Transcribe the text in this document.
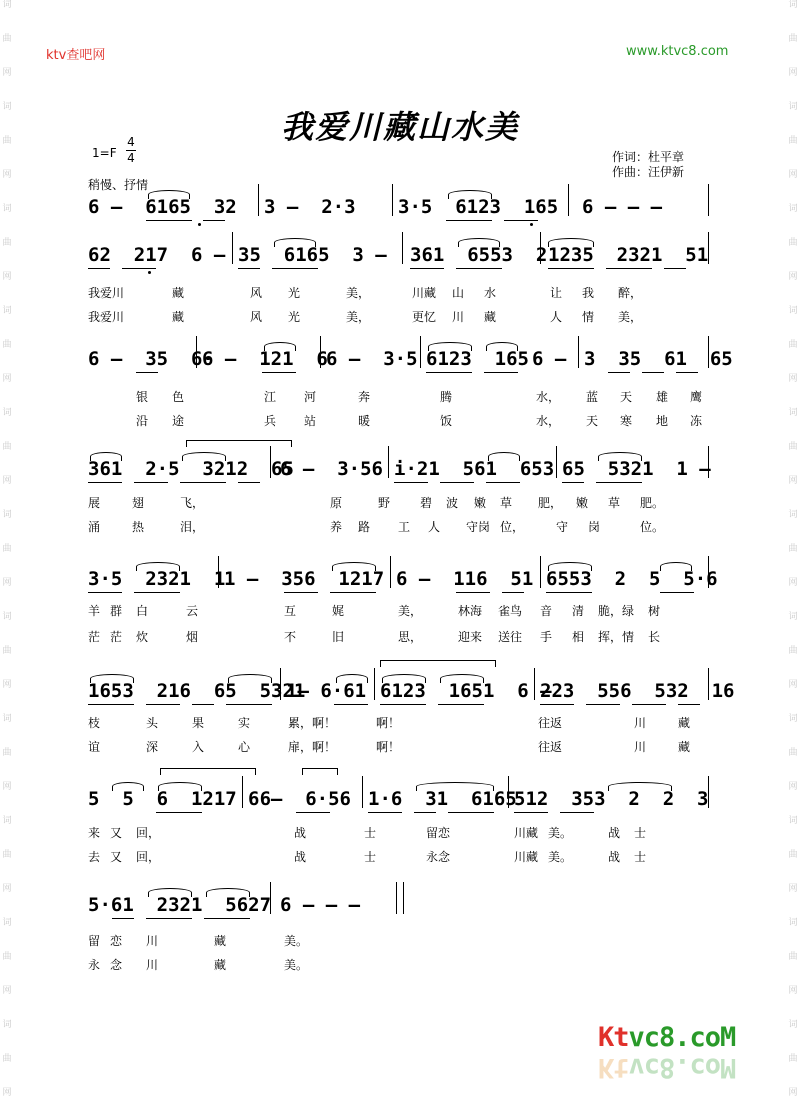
词
曲
网
词
曲
网
词
曲
网
词
曲
网
词
曲
网
词
曲
网
词
曲
网
词
曲
网
词
曲
网
词
曲
网
词
曲
网
词
曲
网
词
曲
网
词
曲
网
词
曲
网
词
曲
网
词
曲
网
词
曲
网
词
曲
网
词
曲
网
词
曲
网
词
曲
网
ktv查吧网	www.ktvc8.com
我爱川藏山水美
1=F
4
4
稍慢、抒情
作词：杜平章
作曲：汪伊新
6 –  6165  32 3 –  2·3 3·5  6123  165 6 – – –
62  217  6 – 35  6165  3 – 361  6553  2 1235  2321  51
我爱川	藏	风 光	美，	川藏 山 水	让 我 醉，
我爱川	藏	风 光	美，	更忆 川 藏	人 情 美，
6 –  35  6·
6 –  121  6
6 –  3·5 6123  165 6 – 3  35  61  65
银 色	江 河	奔	腾	水， 蓝 天 雄 鹰
沿 途	兵 站	暖	饭	水， 天 寒 地 冻
361  2·5  3212  65
6 –  3·56 i·21  561  653 65  5321  1 –
展	翅	飞，	原	野 碧 波 嫩 草 肥， 嫩 草 肥。
涌	热	泪，	养 路 工 人 守岗 位，	守 岗	位。
3·5  2321  1
1 –  356  1217 6 –  116  51 6553  2  5  5·6
羊 群 白	云	互	娓	美，	林海 雀鸟 音 清 脆，绿 树
茫 茫 炊	烟	不	旧	思，	迎来 送往 手 相 挥，情 长
1653  216  65  5321
1– 6·61 6123  1651  6 –
223  556  532  16
枝	头	果	实	累，啊！	啊！	往返	川	藏
谊	深	入	心	扉，啊！	啊！	往返	川	藏
5  5  6  1217  6
6 –  6·56 1·6  31  6165
512  353  2  2  3
来 又 回，	战	士	留恋	川藏 美。	战 士
去 又 回，	战	士	永念	川藏 美。	战 士
5·61  2321  5627 6 – – –
留 恋 川	藏	美。
永 念 川	藏	美。
Ktvc8.coM
Ktvc8.coM
